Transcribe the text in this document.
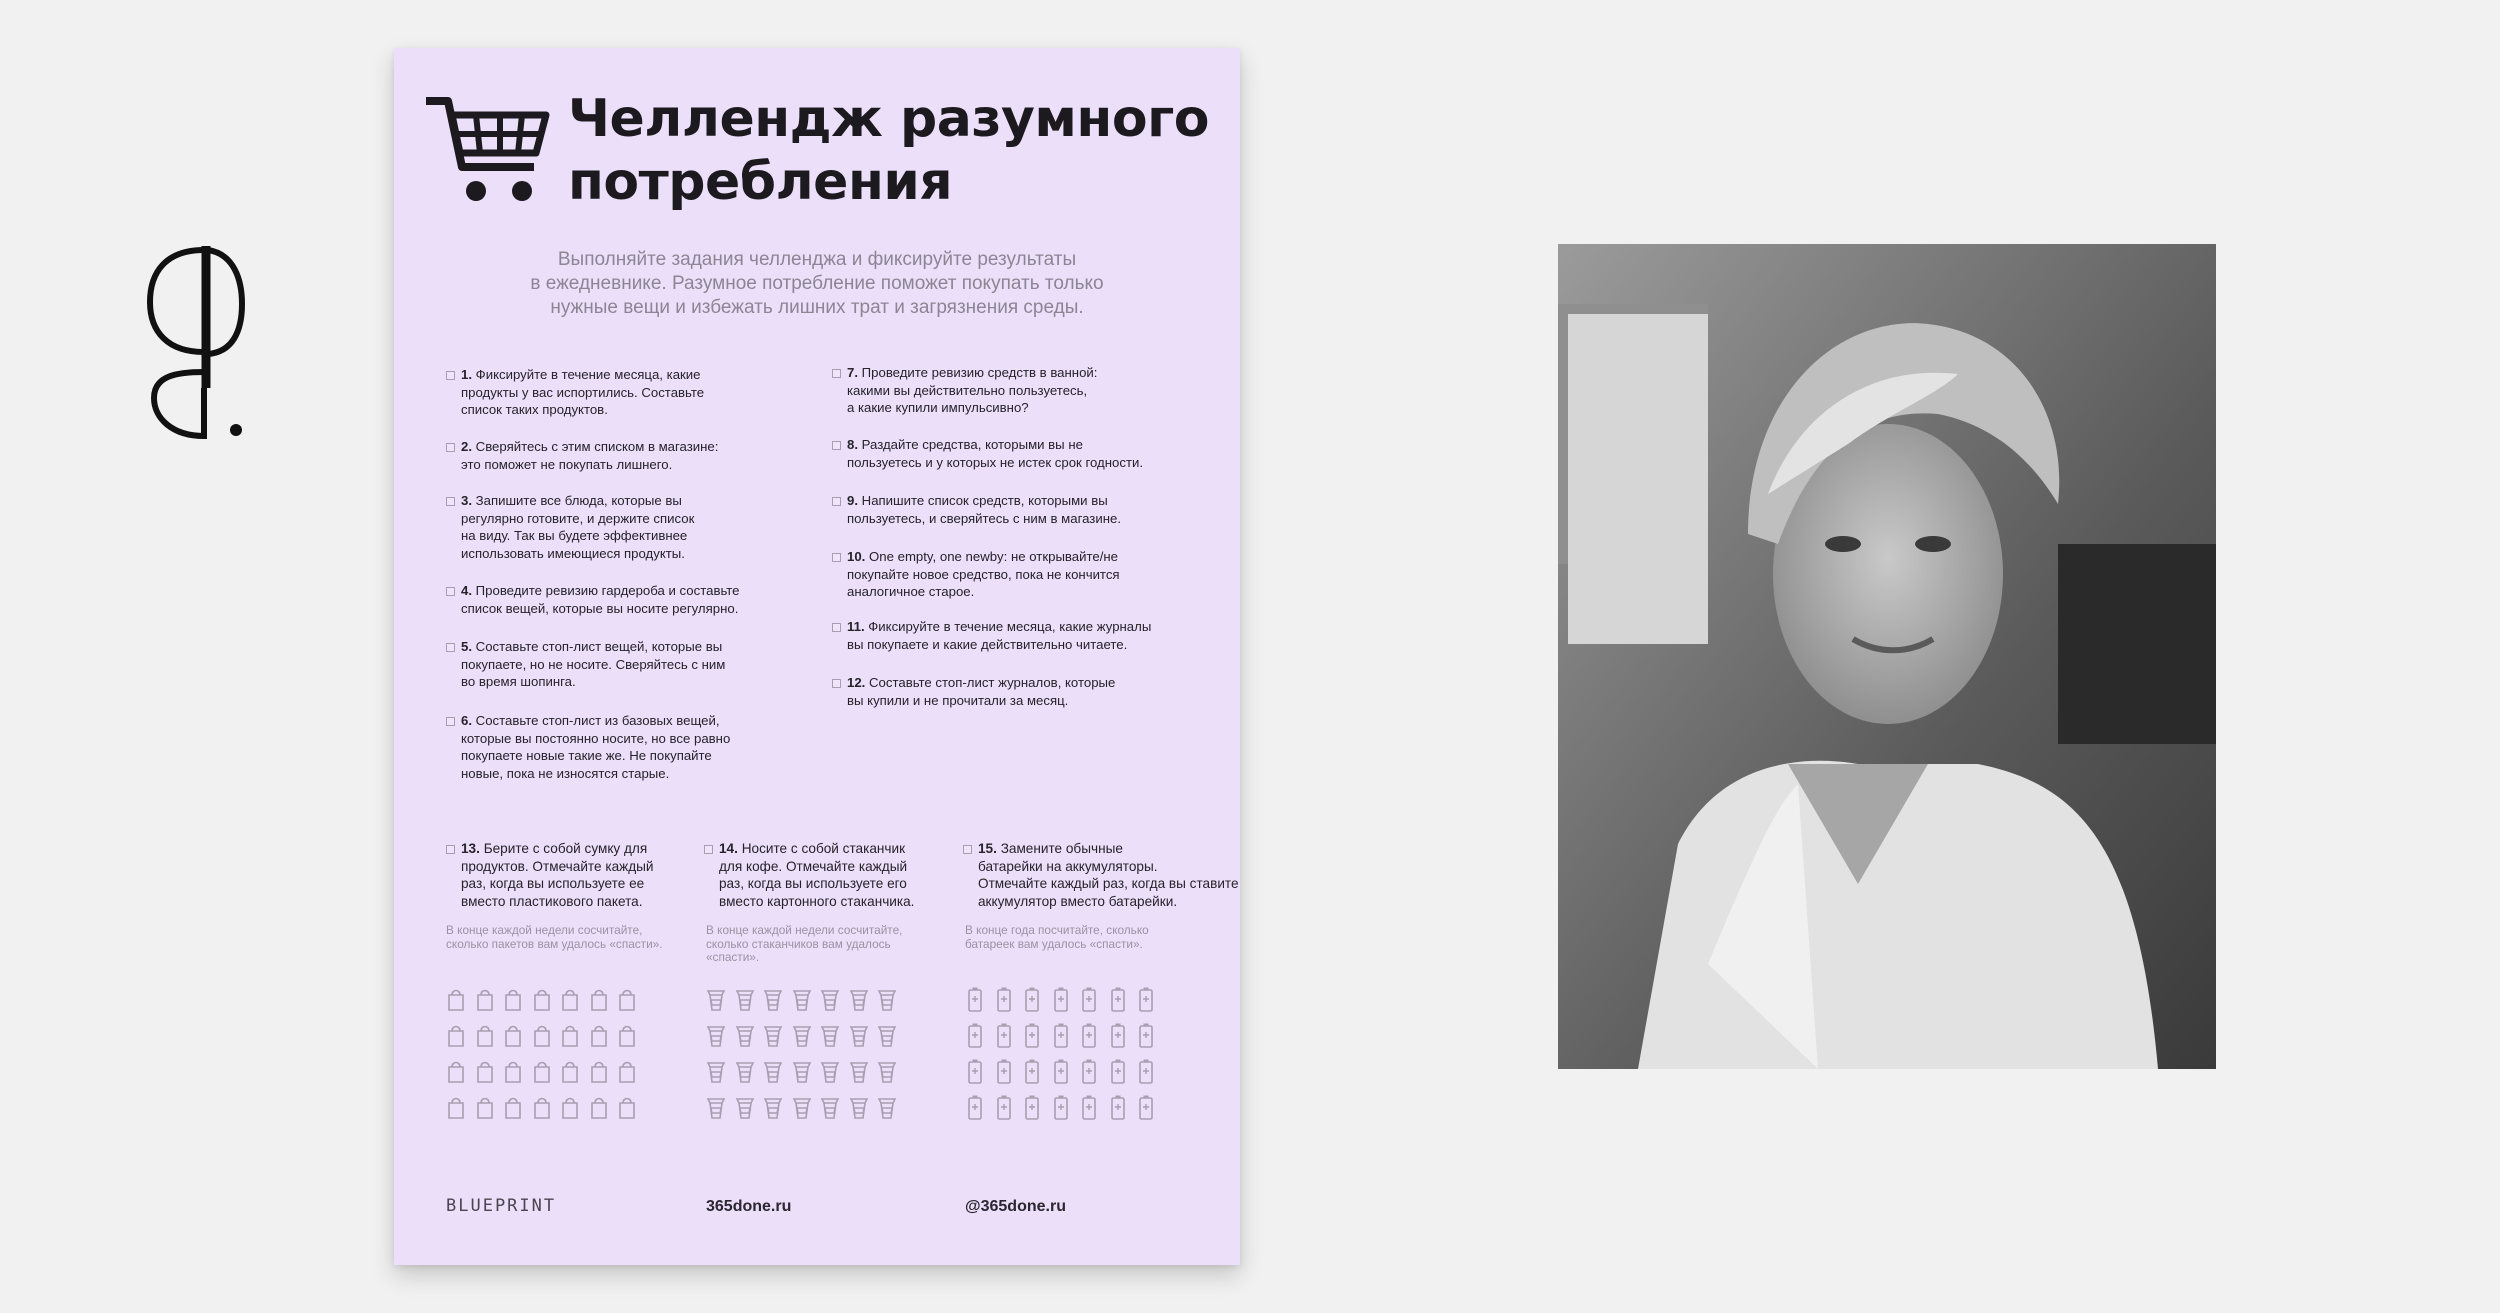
Челлендж разумного
потребления
Выполняйте задания челленджа и фиксируйте результаты
в ежедневнике. Разумное потребление поможет покупать только
нужные вещи и избежать лишних трат и загрязнения среды.
1. Фиксируйте в течение месяца, какие
продукты у вас испортились. Составьте
список таких продуктов.
2. Сверяйтесь с этим списком в магазине:
это поможет не покупать лишнего.
3. Запишите все блюда, которые вы
регулярно готовите, и держите список
на виду. Так вы будете эффективнее
использовать имеющиеся продукты.
4. Проведите ревизию гардероба и составьте
список вещей, которые вы носите регулярно.
5. Составьте стоп-лист вещей, которые вы
покупаете, но не носите. Сверяйтесь с ним
во время шопинга.
6. Составьте стоп-лист из базовых вещей,
которые вы постоянно носите, но все равно
покупаете новые такие же. Не покупайте
новые, пока не износятся старые.
7. Проведите ревизию средств в ванной:
какими вы действительно пользуетесь,
а какие купили импульсивно?
8. Раздайте средства, которыми вы не
пользуетесь и у которых не истек срок годности.
9. Напишите список средств, которыми вы
пользуетесь, и сверяйтесь с ним в магазине.
10. One empty, one newby: не открывайте/не
покупайте новое средство, пока не кончится
аналогичное старое.
11. Фиксируйте в течение месяца, какие журналы
вы покупаете и какие действительно читаете.
12. Составьте стоп-лист журналов, которые
вы купили и не прочитали за месяц.
13. Берите с собой сумку для
продуктов. Отмечайте каждый
раз, когда вы используете ее
вместо пластикового пакета.
В конце каждой недели сосчитайте,
сколько пакетов вам удалось «спасти».
14. Носите с собой стаканчик
для кофе. Отмечайте каждый
раз, когда вы используете его
вместо картонного стаканчика.
В конце каждой недели сосчитайте,
сколько стаканчиков вам удалось
«спасти».
15. Замените обычные
батарейки на аккумуляторы.
Отмечайте каждый раз, когда вы ставите
аккумулятор вместо батарейки.
В конце года посчитайте, сколько
батареек вам удалось «спасти».
BLUEPRINT	365done.ru	@365done.ru
